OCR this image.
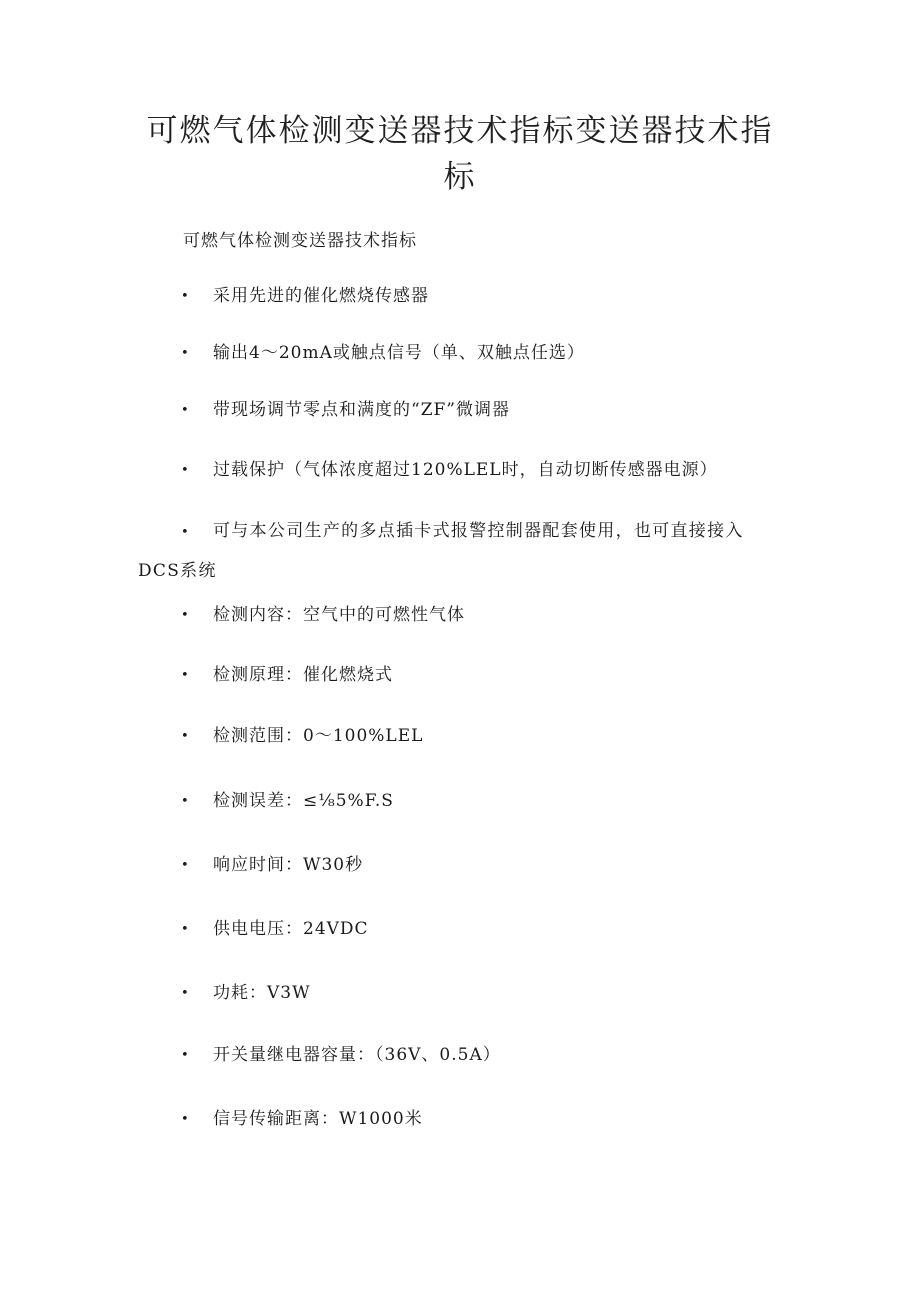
可燃气体检测变送器技术指标变送器技术指标

可燃气体检测变送器技术指标

• 采用先进的催化燃烧传感器

• 输出4～20mA或触点信号（单、双触点任选）

• 带现场调节零点和满度的“ZF”微调器

• 过载保护（气体浓度超过120%LEL时，自动切断传感器电源）

• 可与本公司生产的多点插卡式报警控制器配套使用，也可直接接入DCS系统

• 检测内容：空气中的可燃性气体

• 检测原理：催化燃烧式

• 检测范围：0～100%LEL

• 检测误差：≤⅛5%F.S

• 响应时间：W30秒

• 供电电压：24VDC

• 功耗：V3W

• 开关量继电器容量：（36V、0.5A）

• 信号传输距离：W1000米
